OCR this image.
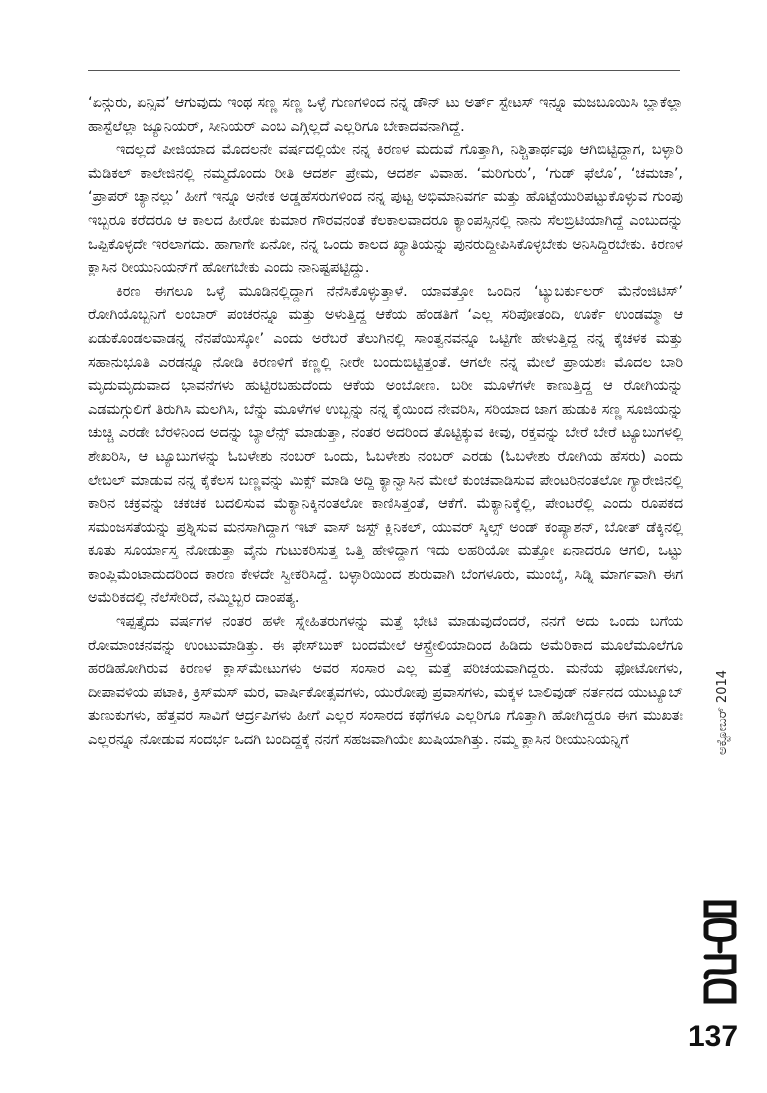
‘ಏನ್ಗುರು, ಏನ್ಸಿವ’ ಆಗುವುದು ಇಂಥ ಸಣ್ಣ ಸಣ್ಣ ಒಳ್ಳೆ ಗುಣಗಳಿಂದ ನನ್ನ ಡೌನ್ ಟು ಅರ್ತ್ ಸ್ಟೇಟಸ್ ಇನ್ನೂ ಮಜಬೂಯಿಸಿ ಬ್ಲಾಕೆಲ್ಲಾ ಹಾಸ್ಟೆಲೆಲ್ಲಾ ಜ್ಯೂನಿಯರ್, ಸೀನಿಯರ್ ಎಂಬ ಎಗ್ಗಿಲ್ಲದೆ ಎಲ್ಲರಿಗೂ ಬೇಕಾದವನಾಗಿದ್ದೆ.

ಇದಲ್ಲದೆ ಪೀಜಿಯಾದ ಮೊದಲನೇ ವರ್ಷದಲ್ಲಿಯೇ ನನ್ನ ಕಿರಣಳ ಮದುವೆ ಗೊತ್ತಾಗಿ, ನಿಶ್ಚಿತಾರ್ಥವೂ ಆಗಿಬಿಟ್ಟಿದ್ದಾಗ, ಬಳ್ಳಾರಿ ಮೆಡಿಕಲ್ ಕಾಲೇಜಿನಲ್ಲಿ ನಮ್ಮದೊಂದು ರೀತಿ ಆದರ್ಶ ಪ್ರೇಮ, ಆದರ್ಶ ವಿವಾಹ. ‘ಮರಿಗುರು’, ‘ಗುಡ್ ಫೆಲೊ’, ‘ಚಮಚಾ’, ‘ಪ್ರಾಪರ್ ಚ್ಯಾನಲ್ಲು’ ಹೀಗೆ ಇನ್ನೂ ಅನೇಕ ಅಡ್ಡಹೆಸರುಗಳಿಂದ ನನ್ನ ಪುಟ್ಟ ಅಭಿಮಾನಿವರ್ಗ ಮತ್ತು ಹೊಟ್ಟೆಯುರಿಪಟ್ಟುಕೊಳ್ಳುವ ಗುಂಪು ಇಬ್ಬರೂ ಕರೆದರೂ ಆ ಕಾಲದ ಹೀರೋ ಕುಮಾರ ಗೌರವನಂತೆ ಕೆಲಕಾಲವಾದರೂ ಕ್ಯಾಂಪಸ್ಸಿನಲ್ಲಿ ನಾನು ಸೆಲಬ್ರಿಟಿಯಾಗಿದ್ದೆ ಎಂಬುದನ್ನು ಒಪ್ಪಿಕೊಳ್ಳದೇ ಇರಲಾಗದು. ಹಾಗಾಗೇ ಏನೋ, ನನ್ನ ಒಂದು ಕಾಲದ ಖ್ಯಾತಿಯನ್ನು ಪುನರುದ್ದೀಪಿಸಿಕೊಳ್ಳಬೇಕು ಅನಿಸಿದ್ದಿರಬೇಕು. ಕಿರಣಳ ಕ್ಲಾಸಿನ ರೀಯುನಿಯನ್‌ಗೆ ಹೋಗಬೇಕು ಎಂದು ನಾನಿಷ್ಟಪಟ್ಟಿದ್ದು.

ಕಿರಣ ಈಗಲೂ ಒಳ್ಳೆ ಮೂಡಿನಲ್ಲಿದ್ದಾಗ ನೆನೆಸಿಕೊಳ್ಳುತ್ತಾಳೆ. ಯಾವತ್ತೋ ಒಂದಿನ ‘ಟ್ಯುಬರ್ಕುಲರ್ ಮೆನೆಂಜಿಟಿಸ್’ ರೋಗಿಯೊಬ್ಬನಿಗೆ ಲಂಬಾರ್ ಪಂಚರನ್ನೂ ಮತ್ತು ಅಳುತ್ತಿದ್ದ ಆಕೆಯ ಹೆಂಡತಿಗೆ ‘ಎಲ್ಲ ಸರಿಪೋತಂದಿ, ಊರ್ಕೆ ಉಂಡಮ್ಮಾ ಆ ಏಡುಕೊಂಡಲವಾಡನ್ನ ನೆನಪೆಯಿಸ್ಕೋ’ ಎಂದು ಅರೆಬರೆ ತೆಲುಗಿನಲ್ಲಿ ಸಾಂತ್ವನವನ್ನೂ ಒಟ್ಟಿಗೇ ಹೇಳುತ್ತಿದ್ದ ನನ್ನ ಕೈಚಳಕ ಮತ್ತು ಸಹಾನುಭೂತಿ ಎರಡನ್ನೂ ನೋಡಿ ಕಿರಣಳಿಗೆ ಕಣ್ಣಲ್ಲಿ ನೀರೇ ಬಂದುಬಿಟ್ಟಿತ್ತಂತೆ. ಆಗಲೇ ನನ್ನ ಮೇಲೆ ಪ್ರಾಯಶಃ ಮೊದಲ ಬಾರಿ ಮೃದುಮೃದುವಾದ ಭಾವನೆಗಳು ಹುಟ್ಟಿರಬಹುದೆಂದು ಆಕೆಯ ಅಂಬೋಣ. ಬರೀ ಮೂಳೆಗಳೇ ಕಾಣುತ್ತಿದ್ದ ಆ ರೋಗಿಯನ್ನು ಎಡಮಗ್ಗುಲಿಗೆ ತಿರುಗಿಸಿ ಮಲಗಿಸಿ, ಬೆನ್ನು ಮೂಳೆಗಳ ಉಬ್ಬನ್ನು ನನ್ನ ಕೈಯಿಂದ ನೇವರಿಸಿ, ಸರಿಯಾದ ಜಾಗ ಹುಡುಕಿ ಸಣ್ಣ ಸೂಜಿಯನ್ನು ಚುಚ್ಚಿ ಎರಡೇ ಬೆರಳಿನಿಂದ ಅದನ್ನು ಬ್ಯಾಲೆನ್ಸ್ ಮಾಡುತ್ತಾ, ನಂತರ ಅದರಿಂದ ತೊಟ್ಟಿಕ್ಕುವ ಕೀವು, ರಕ್ತವನ್ನು ಬೇರೆ ಬೇರೆ ಟ್ಯೂಬುಗಳಲ್ಲಿ ಶೇಖರಿಸಿ, ಆ ಟ್ಯೂಬುಗಳನ್ನು ಓಬಳೇಶು ನಂಬರ್ ಒಂದು, ಓಬಳೇಶು ನಂಬರ್ ಎರಡು (ಓಬಳೇಶು ರೋಗಿಯ ಹೆಸರು) ಎಂದು ಲೇಬಲ್ ಮಾಡುವ ನನ್ನ ಕೈಕೆಲಸ ಬಣ್ಣವನ್ನು ಮಿಕ್ಸ್ ಮಾಡಿ ಅದ್ದಿ ಕ್ಯಾನ್ವಾಸಿನ ಮೇಲೆ ಕುಂಚವಾಡಿಸುವ ಪೇಂಟರಿನಂತಲೋ ಗ್ಯಾರೇಜಿನಲ್ಲಿ ಕಾರಿನ ಚಕ್ರವನ್ನು ಚಕಚಕ ಬದಲಿಸುವ ಮೆಕ್ಯಾನಿಕ್ಕಿನಂತಲೋ ಕಾಣಿಸಿತ್ತಂತೆ, ಆಕೆಗೆ. ಮೆಕ್ಯಾನಿಕ್ಕೆಲ್ಲಿ, ಪೇಂಟರೆಲ್ಲಿ ಎಂದು ರೂಪಕದ ಸಮಂಜಸತೆಯನ್ನು ಪ್ರಶ್ನಿಸುವ ಮನಸಾಗಿದ್ದಾಗ ಇಟ್ ವಾಸ್ ಜಸ್ಟ್ ಕ್ಲಿನಿಕಲ್, ಯುವರ್ ಸ್ಕಿಲ್ಸ್ ಅಂಡ್ ಕಂಪ್ಯಾಶನ್, ಬೋತ್ ಡೆಕ್ಕಿನಲ್ಲಿ ಕೂತು ಸೂರ್ಯಾಸ್ತ ನೋಡುತ್ತಾ ವೈನು ಗುಟುಕರಿಸುತ್ತ ಒತ್ತಿ ಹೇಳಿದ್ದಾಗ ಇದು ಲಹರಿಯೋ ಮತ್ತೋ ಏನಾದರೂ ಆಗಲಿ, ಒಟ್ಟು ಕಾಂಪ್ಲಿಮೆಂಟಾದುದರಿಂದ ಕಾರಣ ಕೇಳದೇ ಸ್ವೀಕರಿಸಿದ್ದೆ. ಬಳ್ಳಾರಿಯಿಂದ ಶುರುವಾಗಿ ಬೆಂಗಳೂರು, ಮುಂಬೈ, ಸಿಡ್ನಿ ಮಾರ್ಗವಾಗಿ ಈಗ ಅಮೆರಿಕದಲ್ಲಿ ನೆಲೆಸೇರಿದೆ, ನಮ್ಮಿಬ್ಬರ ದಾಂಪತ್ಯ.

ಇಪ್ಪತ್ತೈದು ವರ್ಷಗಳ ನಂತರ ಹಳೇ ಸ್ನೇಹಿತರುಗಳನ್ನು ಮತ್ತೆ ಭೇಟಿ ಮಾಡುವುದೆಂದರೆ, ನನಗೆ ಅದು ಒಂದು ಬಗೆಯ ರೋಮಾಂಚನವನ್ನು ಉಂಟುಮಾಡಿತ್ತು. ಈ ಫೇಸ್‌ಬುಕ್ ಬಂದಮೇಲೆ ಆಸ್ಟ್ರೇಲಿಯಾದಿಂದ ಹಿಡಿದು ಅಮೆರಿಕಾದ ಮೂಲೆಮೂಲೆಗೂ ಹರಡಿಹೋಗಿರುವ ಕಿರಣಳ ಕ್ಲಾಸ್‌ಮೇಟುಗಳು ಅವರ ಸಂಸಾರ ಎಲ್ಲ ಮತ್ತೆ ಪರಿಚಯವಾಗಿದ್ದರು. ಮನೆಯ ಫೋಟೋಗಳು, ದೀಪಾವಳಿಯ ಪಟಾಕಿ, ಕ್ರಿಸ್‌ಮಸ್ ಮರ, ವಾರ್ಷಿಕೋತ್ಸವಗಳು, ಯುರೋಪು ಪ್ರವಾಸಗಳು, ಮಕ್ಕಳ ಬಾಲಿವುಡ್ ನರ್ತನದ ಯುಟ್ಯೂಬ್ ತುಣುಕುಗಳು, ಹೆತ್ತವರ ಸಾವಿಗೆ ಆರ್ದ್ರಪಿಗಳು ಹೀಗೆ ಎಲ್ಲರ ಸಂಸಾರದ ಕಥೆಗಳೂ ಎಲ್ಲರಿಗೂ ಗೊತ್ತಾಗಿ ಹೋಗಿದ್ದರೂ ಈಗ ಮುಖತಃ ಎಲ್ಲರನ್ನೂ ನೋಡುವ ಸಂದರ್ಭ ಒದಗಿ ಬಂದಿದ್ದಕ್ಕೆ ನನಗೆ ಸಹಜವಾಗಿಯೇ ಖುಷಿಯಾಗಿತ್ತು. ನಮ್ಮ ಕ್ಲಾಸಿನ ರೀಯುನಿಯನ್ನಿಗೆ	ಅಕ್ಟೋಬರ್ 2014
137
